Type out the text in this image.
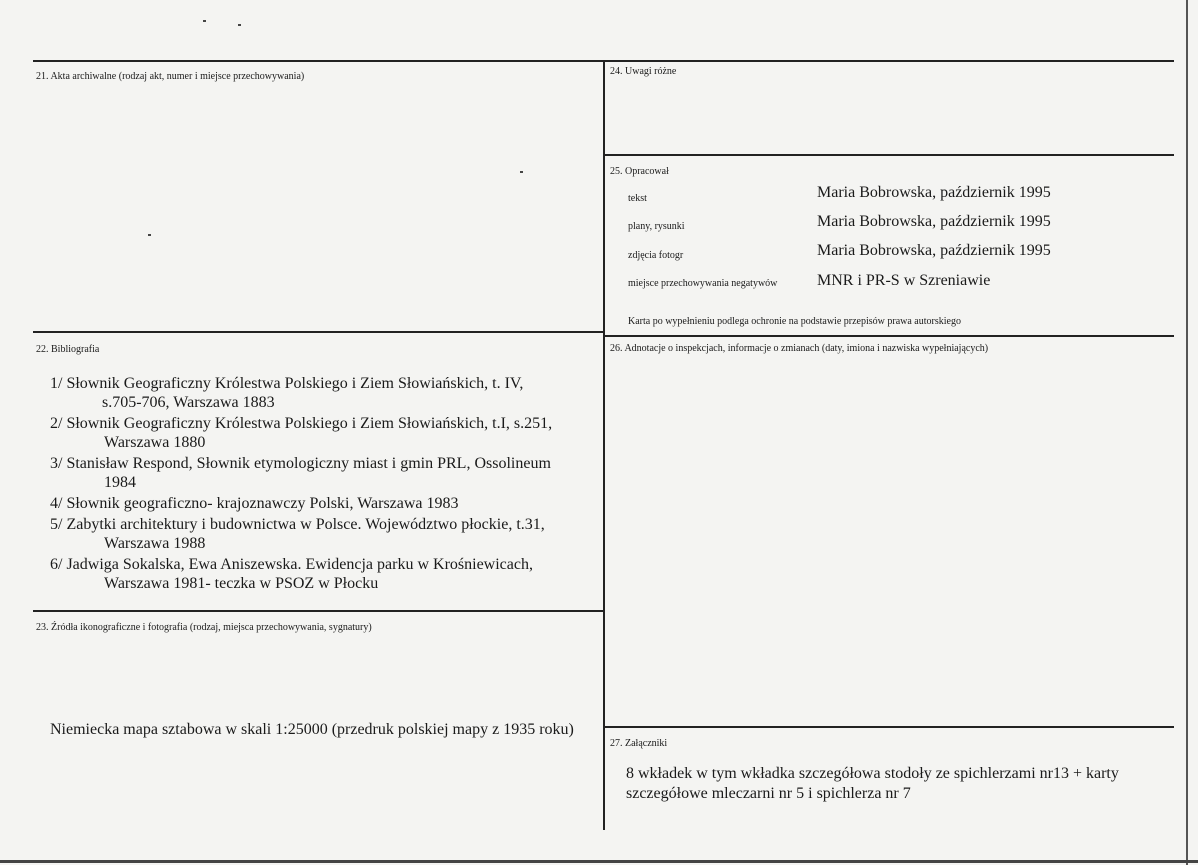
21. Akta archiwalne (rodzaj akt, numer i miejsce przechowywania)	24. Uwagi różne
25. Opracował
tekst	Maria Bobrowska, październik 1995
plany, rysunki	Maria Bobrowska, październik 1995
zdjęcia fotogr	Maria Bobrowska, październik 1995
miejsce przechowywania negatywów MNR i PR-S w Szreniawie
Karta po wypełnieniu podlega ochronie na podstawie przepisów prawa autorskiego
22. Bibliografia
1/ Słownik Geograficzny Królestwa Polskiego i Ziem Słowiańskich, t. IV,
s.705-706, Warszawa 1883
2/ Słownik Geograficzny Królestwa Polskiego i Ziem Słowiańskich, t.I, s.251,
Warszawa 1880
3/ Stanisław Respond, Słownik etymologiczny miast i gmin PRL, Ossolineum
1984
4/ Słownik geograficzno- krajoznawczy Polski, Warszawa 1983
5/ Zabytki architektury i budownictwa w Polsce. Województwo płockie, t.31,
Warszawa 1988
6/ Jadwiga Sokalska, Ewa Aniszewska. Ewidencja parku w Krośniewicach,
Warszawa 1981- teczka w PSOZ w Płocku
23. Źródła ikonograficzne i fotografia (rodzaj, miejsca przechowywania, sygnatury)
Niemiecka mapa sztabowa w skali 1:25000 (przedruk polskiej mapy z 1935 roku)
26. Adnotacje o inspekcjach, informacje o zmianach (daty, imiona i nazwiska wypełniających)
27. Załączniki
8 wkładek w tym wkładka szczegółowa stodoły ze spichlerzami nr13 + karty szczegółowe mleczarni nr 5 i spichlerza nr 7
